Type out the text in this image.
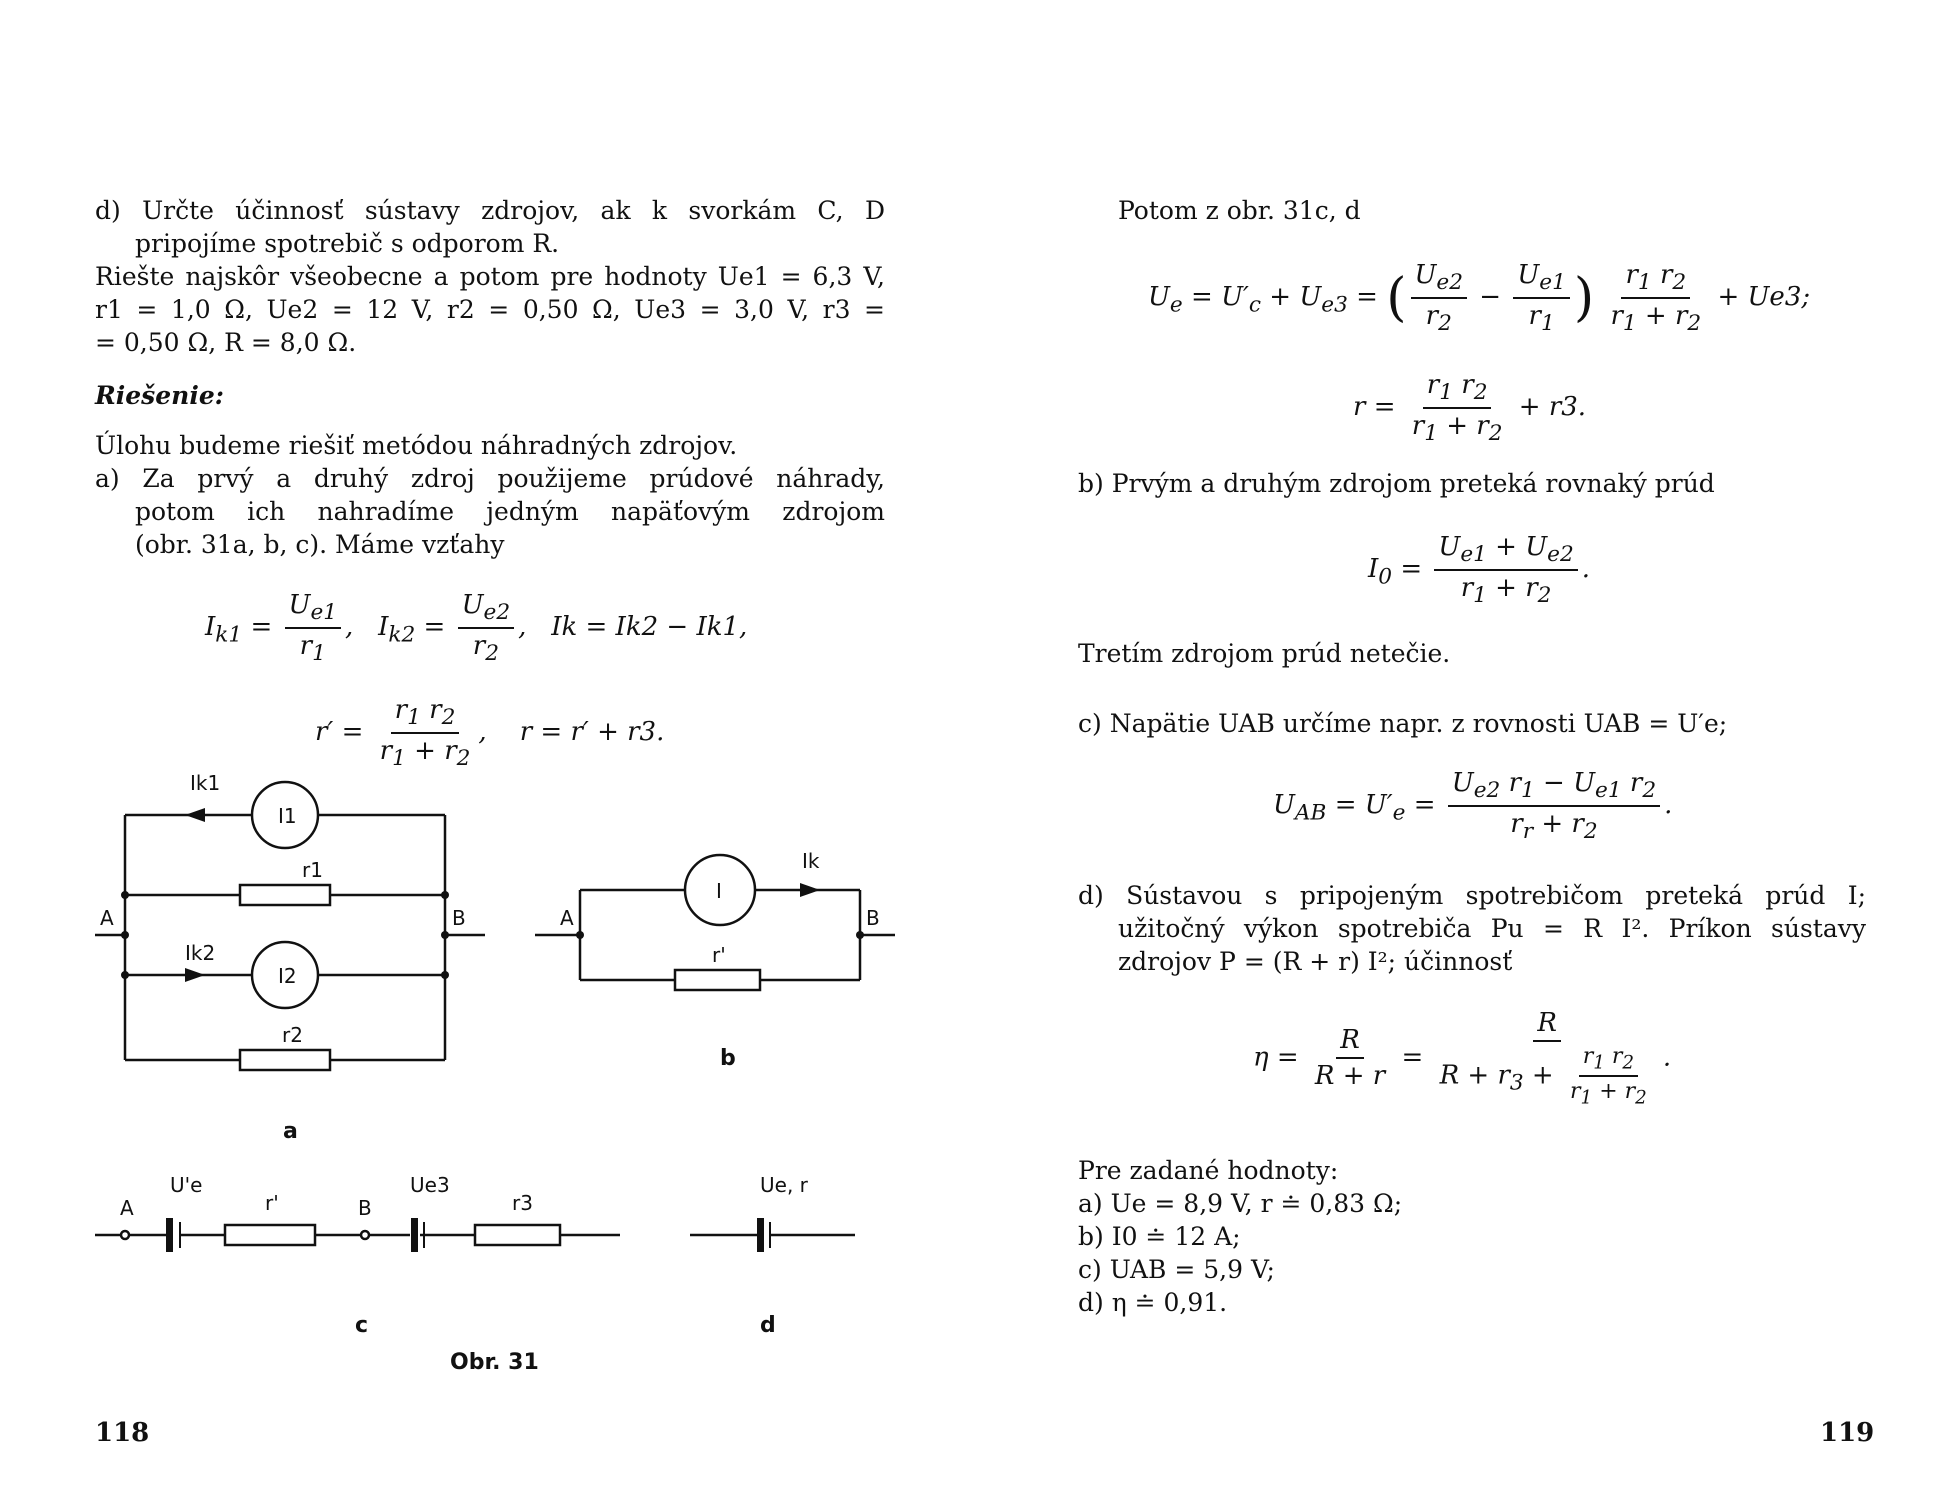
d) Určte účinnosť sústavy zdrojov, ak k svorkám C, D
pripojíme spotrebič s odporom R.
Riešte najskôr všeobecne a potom pre hodnoty Ue1 = 6,3 V,
r1 = 1,0 Ω, Ue2 = 12 V, r2 = 0,50 Ω, Ue3 = 3,0 V, r3 =
= 0,50 Ω, R = 8,0 Ω.
Riešenie:
Úlohu budeme riešiť metódou náhradných zdrojov.
a) Za prvý a druhý zdroj použijeme prúdové náhrady,
potom ich nahradíme jedným napäťovým zdrojom
(obr. 31a, b, c). Máme vzťahy
$I_{k1} = \frac{U_{e1}}{r_1}$ ,   $I_{k2} = \frac{U_{e2}}{r_2}$ ,   Ik = Ik2 − Ik1,
$r' = \frac{r_1 r_2}{r_1 + r_2}$ ,    r = r′ + r3.
Ik1
I1
r1
A	B
Ik2
I2
r2
I
Ik
A	B
r'
A
U'e
r'	B
Ue3
r3
Ue, r
a
b
c	d
Obr. 31
118
Potom z obr. 31c, d
$U_e = U'_c + U_{e3}$ = ( $\frac{U_{e2}}{r_2} - \frac{U_{e1}}{r_1}$ ) $\frac{r_1 r_2}{r_1 + r_2} + Ue3$;
$r = \frac{r_1 r_2}{r_1 + r_2} + r3$.
b) Prvým a druhým zdrojom preteká rovnaký prúd
$I_0 = \frac{U_{e1} + U_{e2}}{r_1 + r_2}$ .
Tretím zdrojom prúd netečie.
c) Napätie UAB určíme napr. z rovnosti UAB = U′e;
$U_{AB} = U'_e = \frac{U_{e2} r_1 - U_{e1} r_2}{r_r + r_2}$ .
d) Sústavou s pripojeným spotrebičom preteká prúd I;
užitočný výkon spotrebiča Pu = R I². Príkon sústavy
zdrojov P = (R + r) I²; účinnosť
$\eta = \frac{R}{R + r} = \frac{R}{R + r_3 + \frac{r_1 r_2}{r_1 + r_2}}$ .
Pre zadané hodnoty:
a) Ue = 8,9 V, r ≐ 0,83 Ω;
b) I0 ≐ 12 A;
c) UAB = 5,9 V;
d) η ≐ 0,91.
119
